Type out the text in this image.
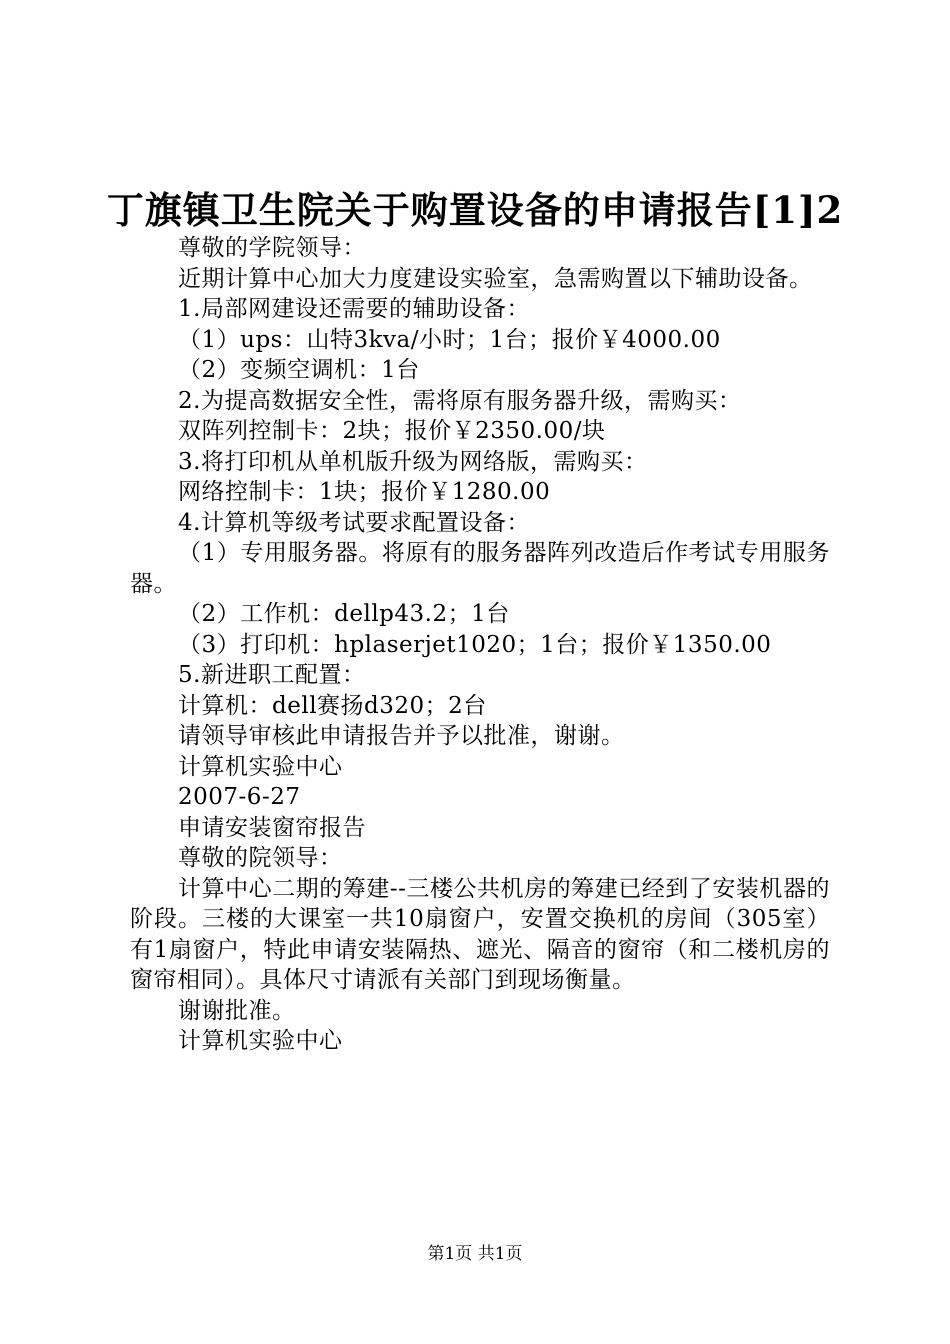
丁旗镇卫生院关于购置设备的申请报告[1]2

尊敬的学院领导：

近期计算中心加大力度建设实验室，急需购置以下辅助设备。

1.局部网建设还需要的辅助设备：

（1）ups：山特3kva/小时；1台；报价￥4000.00

（2）变频空调机：1台

2.为提高数据安全性，需将原有服务器升级，需购买：

双阵列控制卡：2块；报价￥2350.00/块

3.将打印机从单机版升级为网络版，需购买：

网络控制卡：1块；报价￥1280.00

4.计算机等级考试要求配置设备：

（1）专用服务器。将原有的服务器阵列改造后作考试专用服务器。

（2）工作机：dellp43.2；1台

（3）打印机：hplaserjet1020；1台；报价￥1350.00

5.新进职工配置：

计算机：dell赛扬d320；2台

请领导审核此申请报告并予以批准，谢谢。

计算机实验中心

2007-6-27

申请安装窗帘报告

尊敬的院领导：

计算中心二期的筹建--三楼公共机房的筹建已经到了安装机器的阶段。三楼的大课室一共10扇窗户，安置交换机的房间（305室）有1扇窗户，特此申请安装隔热、遮光、隔音的窗帘（和二楼机房的窗帘相同）。具体尺寸请派有关部门到现场衡量。

谢谢批准。

计算机实验中心

第1页 共1页
